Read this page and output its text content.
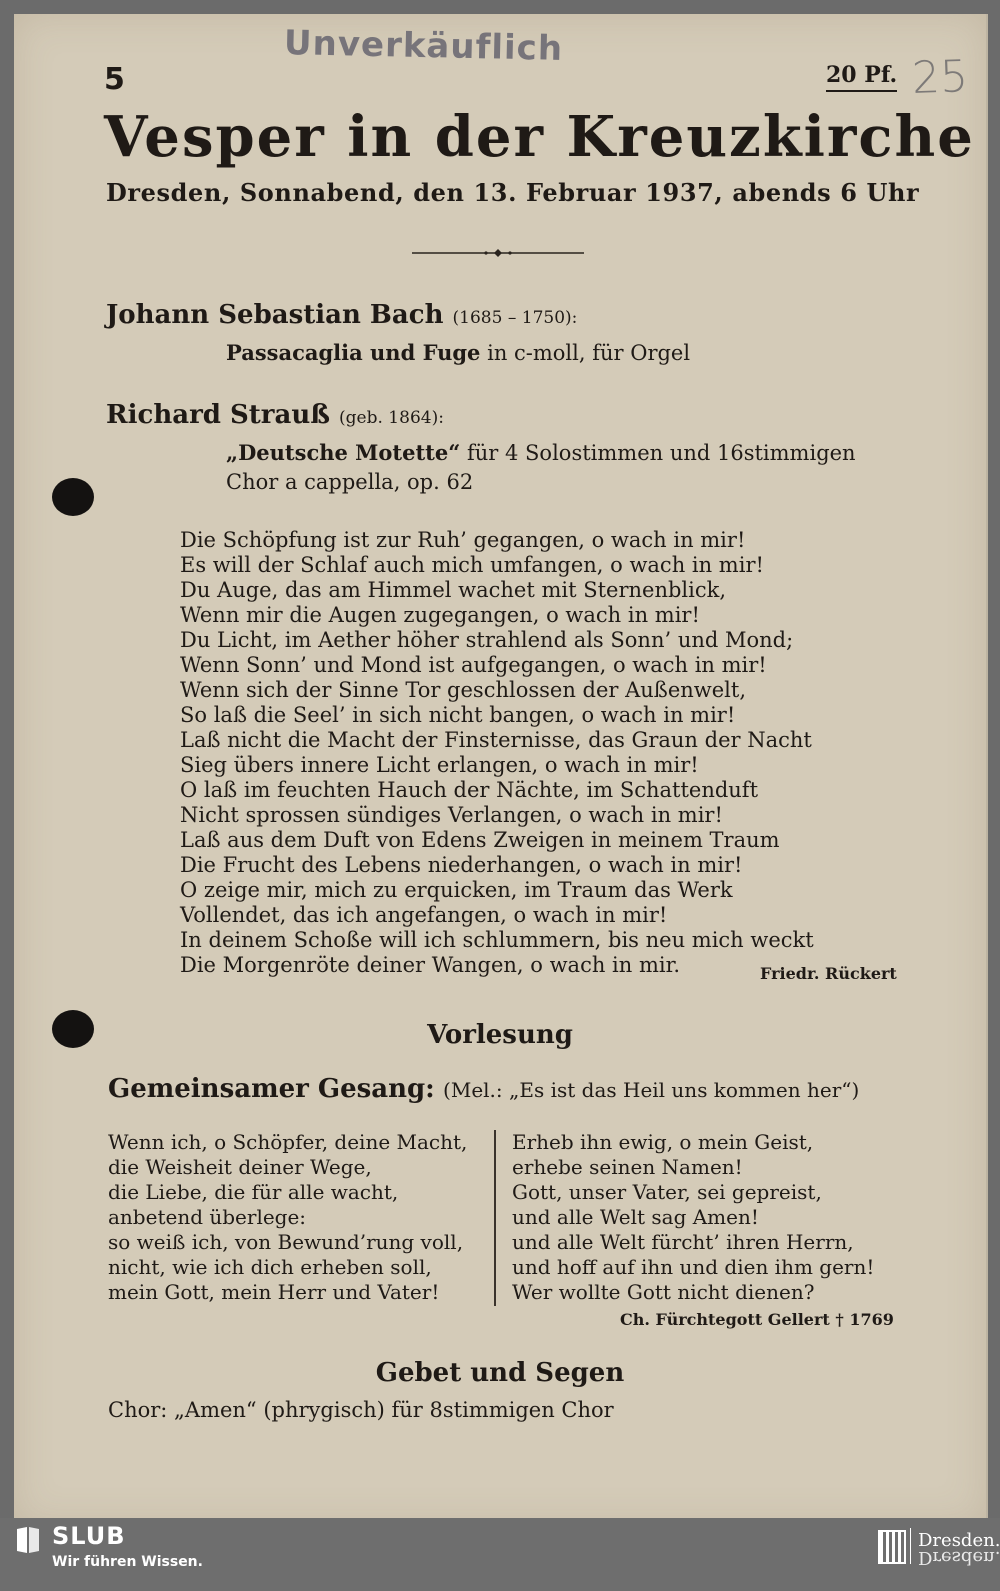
Unverkäuflich
5	20 Pf. 25
Vesper in der Kreuzkirche
Dresden, Sonnabend, den 13. Februar 1937, abends 6 Uhr
Johann Sebastian Bach (1685 – 1750):
Passacaglia und Fuge in c-moll, für Orgel
Richard Strauß (geb. 1864):
„Deutsche Motette“ für 4 Solostimmen und 16stimmigen
Chor a cappella, op. 62
Die Schöpfung ist zur Ruh’ gegangen, o wach in mir!
Es will der Schlaf auch mich umfangen, o wach in mir!
Du Auge, das am Himmel wachet mit Sternenblick,
Wenn mir die Augen zugegangen, o wach in mir!
Du Licht, im Aether höher strahlend als Sonn’ und Mond;
Wenn Sonn’ und Mond ist aufgegangen, o wach in mir!
Wenn sich der Sinne Tor geschlossen der Außenwelt,
So laß die Seel’ in sich nicht bangen, o wach in mir!
Laß nicht die Macht der Finsternisse, das Graun der Nacht
Sieg übers innere Licht erlangen, o wach in mir!
O laß im feuchten Hauch der Nächte, im Schattenduft
Nicht sprossen sündiges Verlangen, o wach in mir!
Laß aus dem Duft von Edens Zweigen in meinem Traum
Die Frucht des Lebens niederhangen, o wach in mir!
O zeige mir, mich zu erquicken, im Traum das Werk
Vollendet, das ich angefangen, o wach in mir!
In deinem Schoße will ich schlummern, bis neu mich weckt
Die Morgenröte deiner Wangen, o wach in mir.	Friedr. Rückert
Vorlesung
Gemeinsamer Gesang: (Mel.: „Es ist das Heil uns kommen her“)
Wenn ich, o Schöpfer, deine Macht,
die Weisheit deiner Wege,
die Liebe, die für alle wacht,
anbetend überlege:
so weiß ich, von Bewund’rung voll,
nicht, wie ich dich erheben soll,
mein Gott, mein Herr und Vater!
Erheb ihn ewig, o mein Geist,
erhebe seinen Namen!
Gott, unser Vater, sei gepreist,
und alle Welt sag Amen!
und alle Welt fürcht’ ihren Herrn,
und hoff auf ihn und dien ihm gern!
Wer wollte Gott nicht dienen?
Ch. Fürchtegott Gellert † 1769
Gebet und Segen
Chor: „Amen“ (phrygisch) für 8stimmigen Chor
SLUB
Wir führen Wissen.
Dresden.
Dresden.
